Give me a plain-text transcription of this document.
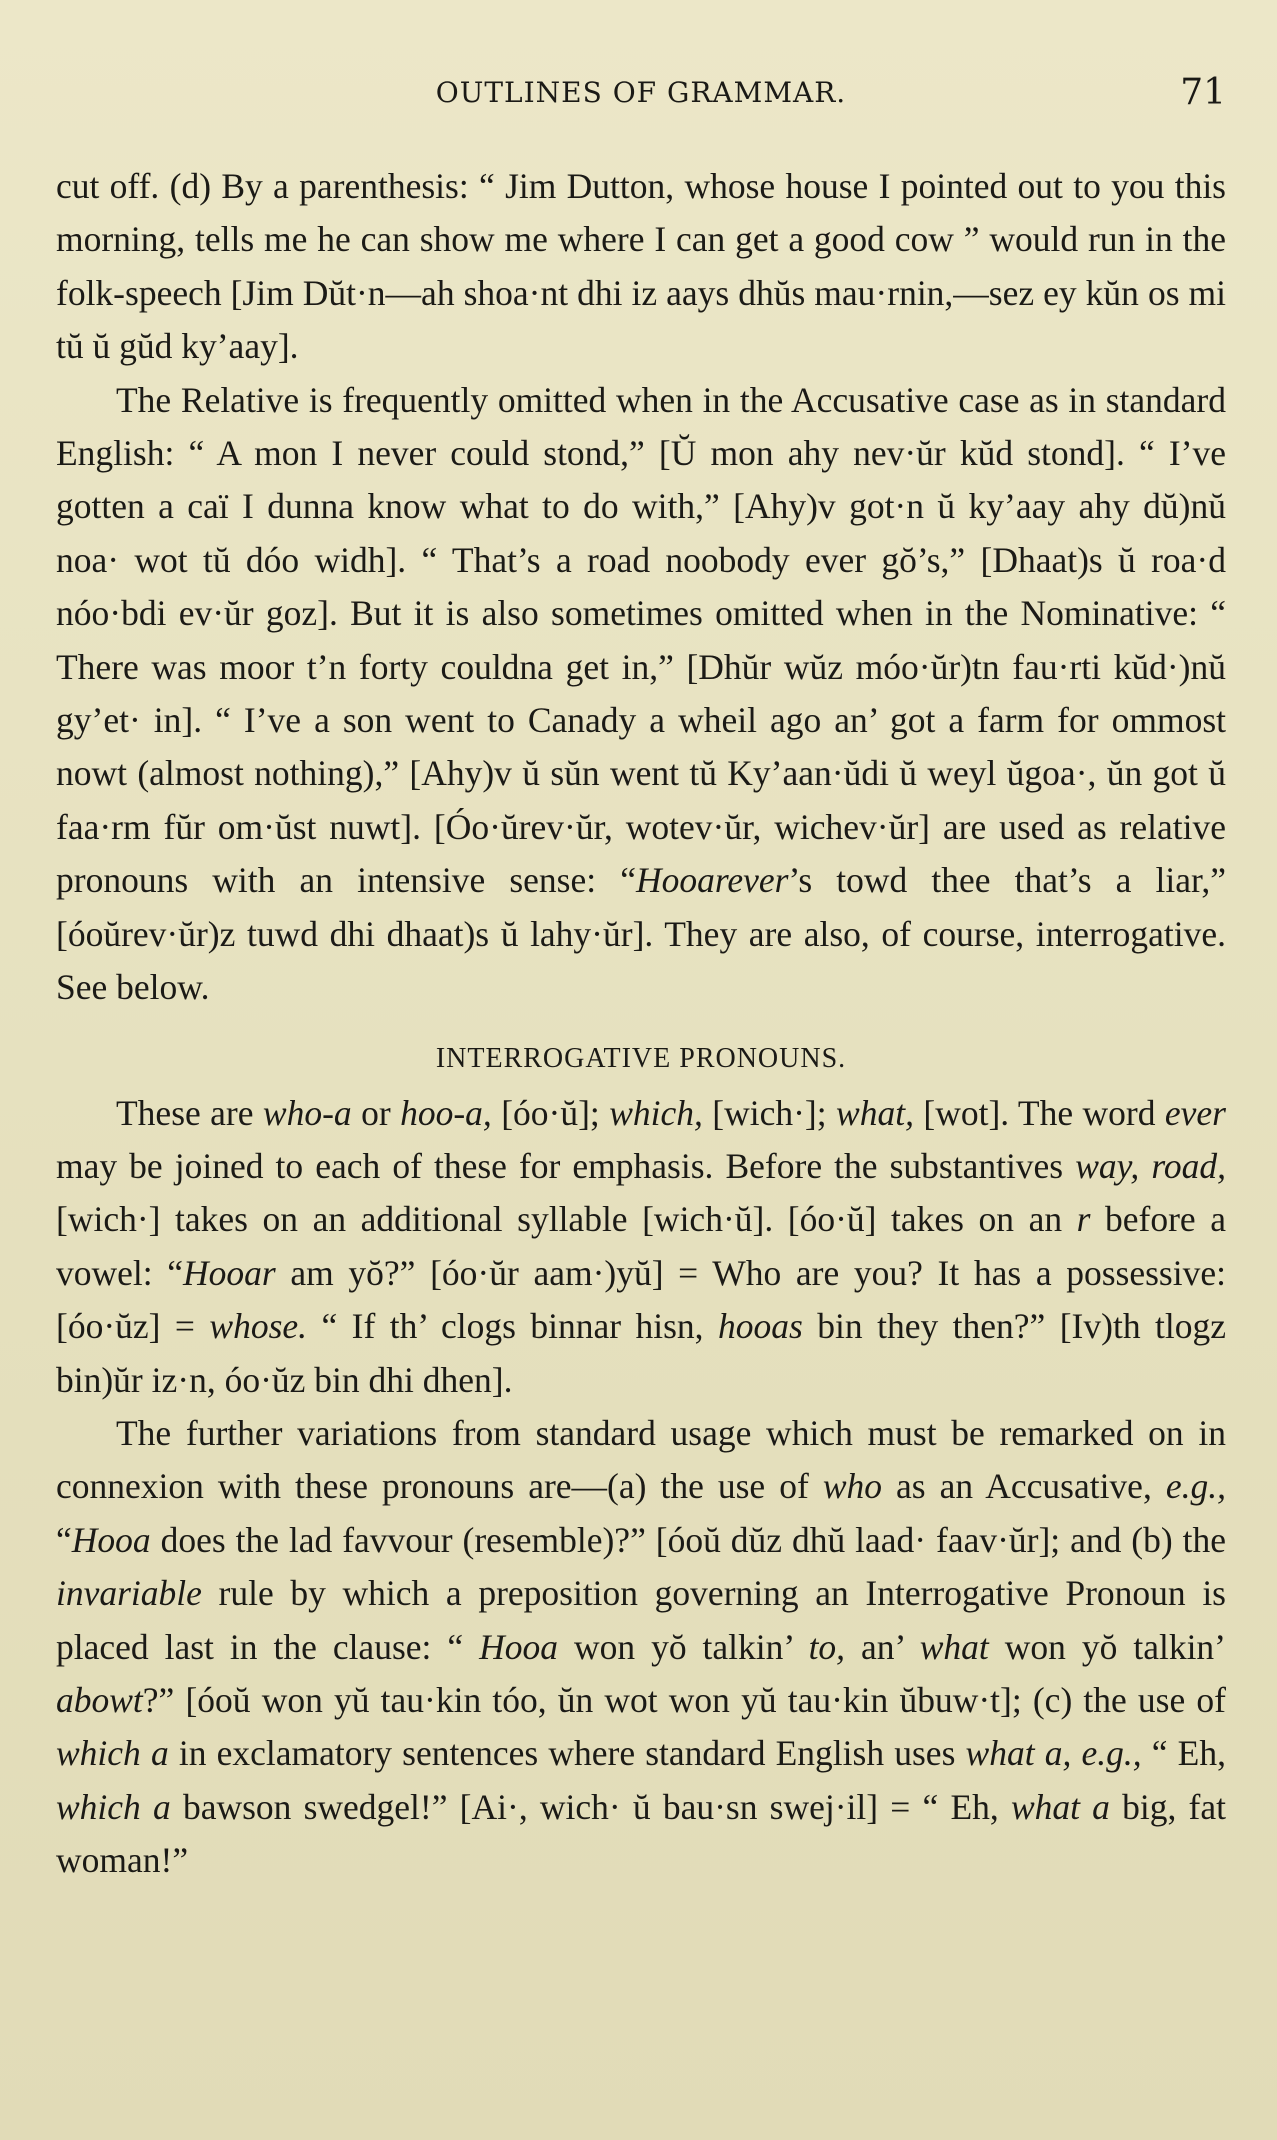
OUTLINES OF GRAMMAR.	71

cut off. (d) By a parenthesis: “ Jim Dutton, whose house I pointed out to you this morning, tells me he can show me where I can get a good cow ” would run in the folk-speech [Jim Dŭt·n—ah shoa·nt dhi iz aays dhŭs mau·rnin,—sez ey kŭn os mi tŭ ŭ gŭd ky’aay].

The Relative is frequently omitted when in the Accusative case as in standard English: “ A mon I never could stond,” [Ŭ mon ahy nev·ŭr kŭd stond]. “ I’ve gotten a caï I dunna know what to do with,” [Ahy)v got·n ŭ ky’aay ahy dŭ)nŭ noa· wot tŭ dóo widh]. “ That’s a road noobody ever gŏ’s,” [Dhaat)s ŭ roa·d nóo·bdi ev·ŭr goz]. But it is also sometimes omitted when in the Nominative: “ There was moor t’n forty couldna get in,” [Dhŭr wŭz móo·ŭr)tn fau·rti kŭd·)nŭ gy’et· in]. “ I’ve a son went to Canady a wheil ago an’ got a farm for ommost nowt (almost nothing),” [Ahy)v ŭ sŭn went tŭ Ky’aan·ŭdi ŭ weyl ŭgoa·, ŭn got ŭ faa·rm fŭr om·ŭst nuwt]. [Óo·ŭrev·ŭr, wotev·ŭr, wichev·ŭr] are used as relative pronouns with an intensive sense: “Hooarever’s towd thee that’s a liar,” [óoŭrev·ŭr)z tuwd dhi dhaat)s ŭ lahy·ŭr]. They are also, of course, interrogative. See below.

INTERROGATIVE PRONOUNS.

These are who-a or hoo-a, [óo·ŭ]; which, [wich·]; what, [wot]. The word ever may be joined to each of these for emphasis. Before the substantives way, road, [wich·] takes on an additional syllable [wich·ŭ]. [óo·ŭ] takes on an r before a vowel: “Hooar am yŏ?” [óo·ŭr aam·)yŭ] = Who are you? It has a possessive: [óo·ŭz] = whose. “ If th’ clogs binnar hisn, hooas bin they then?” [Iv)th tlogz bin)ŭr iz·n, óo·ŭz bin dhi dhen].

The further variations from standard usage which must be remarked on in connexion with these pronouns are—(a) the use of who as an Accusative, e.g., “Hooa does the lad favvour (resemble)?” [óoŭ dŭz dhŭ laad· faav·ŭr]; and (b) the invariable rule by which a preposition governing an Interrogative Pronoun is placed last in the clause: “ Hooa won yŏ talkin’ to, an’ what won yŏ talkin’ abowt?” [óoŭ won yŭ tau·kin tóo, ŭn wot won yŭ tau·kin ŭbuw·t]; (c) the use of which a in exclamatory sentences where standard English uses what a, e.g., “ Eh, which a bawson swedgel!” [Ai·, wich· ŭ bau·sn swej·il] = “ Eh, what a big, fat woman!”
